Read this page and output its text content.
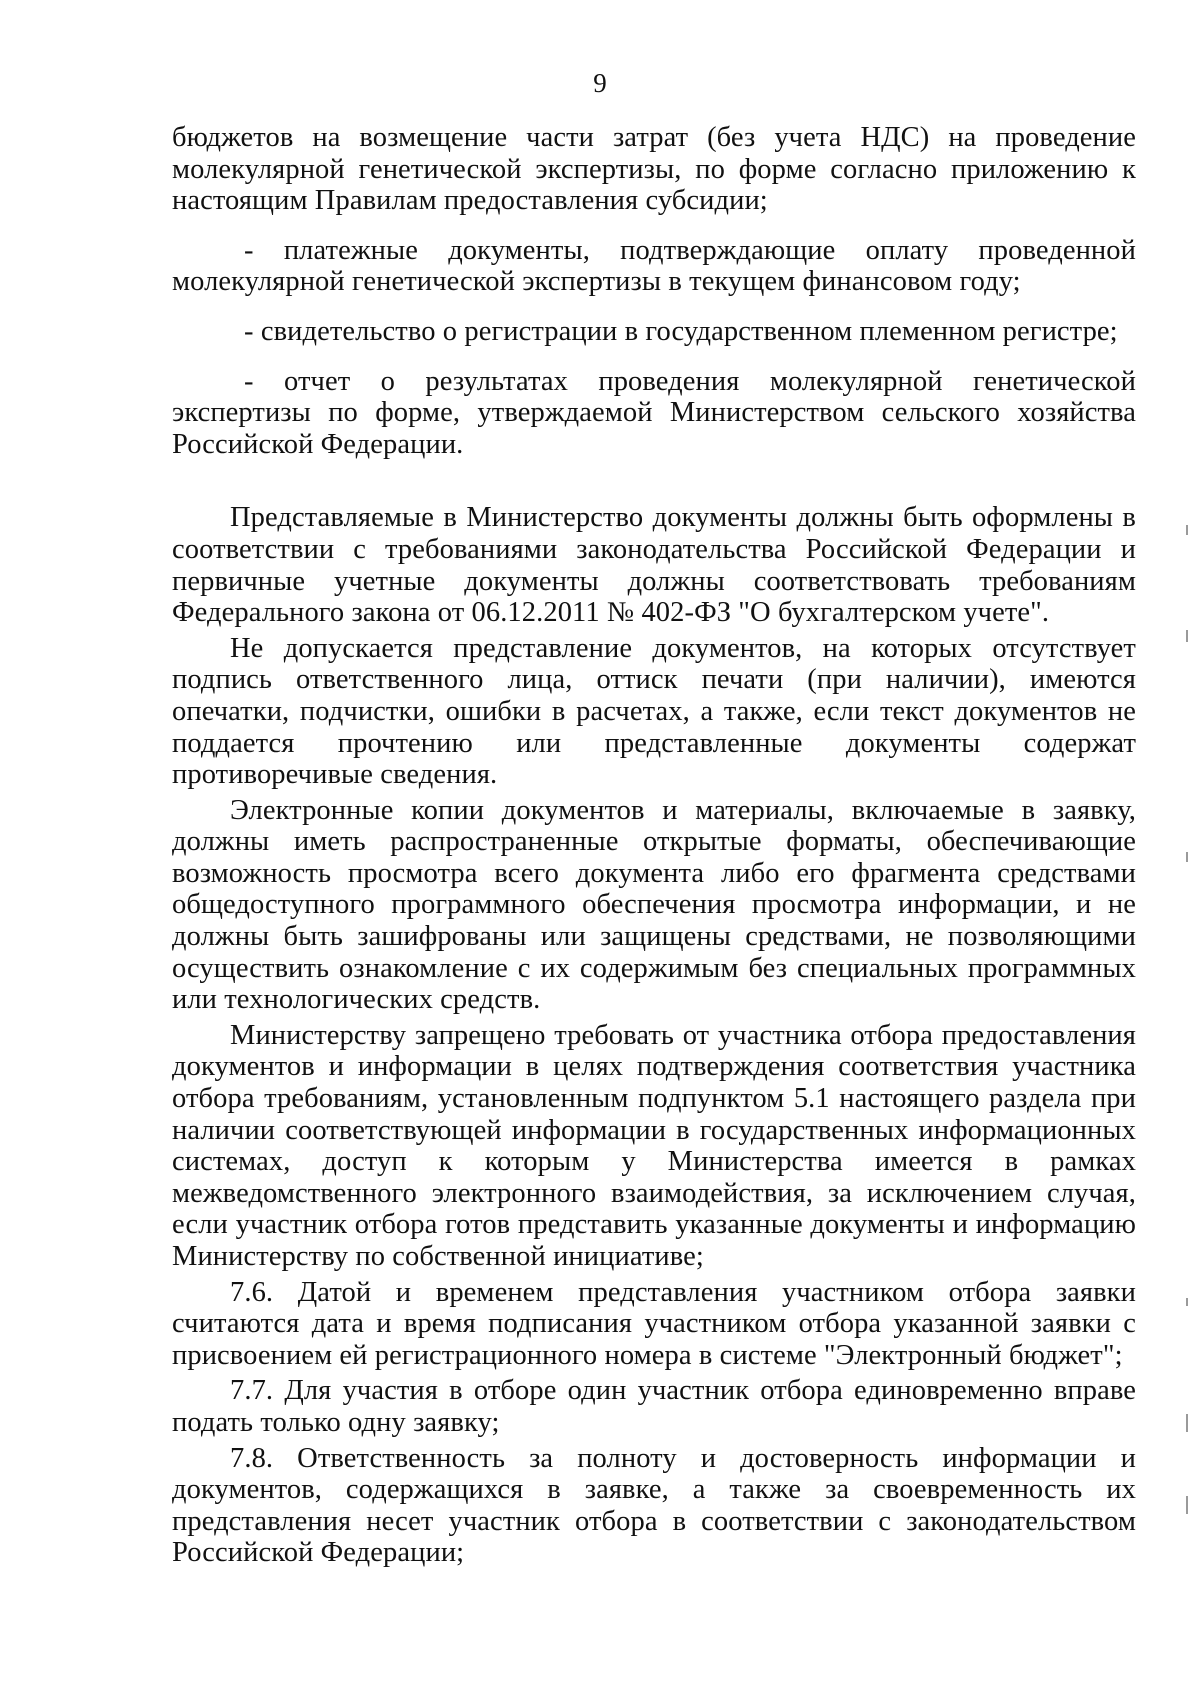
9

бюджетов на возмещение части затрат (без учета НДС) на проведение молекулярной генетической экспертизы, по форме согласно приложению к настоящим Правилам предоставления субсидии;

- платежные документы, подтверждающие оплату проведенной молекулярной генетической экспертизы в текущем финансовом году;

- свидетельство о регистрации в государственном племенном регистре;

- отчет о результатах проведения молекулярной генетической экспертизы по форме, утверждаемой Министерством сельского хозяйства Российской Федерации.

Представляемые в Министерство документы должны быть оформлены в соответствии с требованиями законодательства Российской Федерации и первичные учетные документы должны соответствовать требованиям Федерального закона от 06.12.2011 № 402-ФЗ "О бухгалтерском учете".

Не допускается представление документов, на которых отсутствует подпись ответственного лица, оттиск печати (при наличии), имеются опечатки, подчистки, ошибки в расчетах, а также, если текст документов не поддается прочтению или представленные документы содержат противоречивые сведения.

Электронные копии документов и материалы, включаемые в заявку, должны иметь распространенные открытые форматы, обеспечивающие возможность просмотра всего документа либо его фрагмента средствами общедоступного программного обеспечения просмотра информации, и не должны быть зашифрованы или защищены средствами, не позволяющими осуществить ознакомление с их содержимым без специальных программных или технологических средств.

Министерству запрещено требовать от участника отбора предоставления документов и информации в целях подтверждения соответствия участника отбора требованиям, установленным подпунктом 5.1 настоящего раздела при наличии соответствующей информации в государственных информационных системах, доступ к которым у Министерства имеется в рамках межведомственного электронного взаимодействия, за исключением случая, если участник отбора готов представить указанные документы и информацию Министерству по собственной инициативе;

7.6. Датой и временем представления участником отбора заявки считаются дата и время подписания участником отбора указанной заявки с присвоением ей регистрационного номера в системе "Электронный бюджет";

7.7. Для участия в отборе один участник отбора единовременно вправе подать только одну заявку;

7.8. Ответственность за полноту и достоверность информации и документов, содержащихся в заявке, а также за своевременность их представления несет участник отбора в соответствии с законодательством Российской Федерации;
